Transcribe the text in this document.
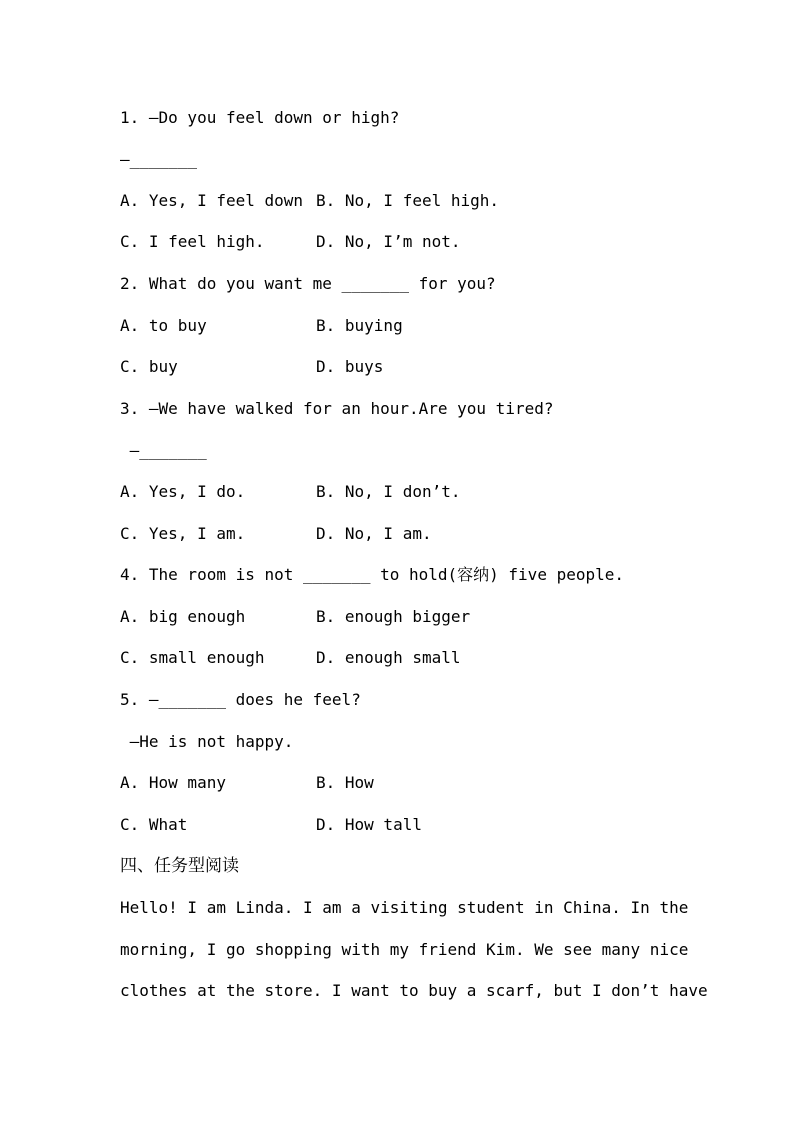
1. —Do you feel down or high?
—_______
A. Yes, I feel down B. No, I feel high.
C. I feel high.	D. No, I’m not.
2. What do you want me _______ for you?
A. to buy	B. buying
C. buy	D. buys
3. —We have walked for an hour.Are you tired?
—_______
A. Yes, I do.	B. No, I don’t.
C. Yes, I am.	D. No, I am.
4. The room is not _______ to hold(容纳) five people.
A. big enough	B. enough bigger
C. small enough	D. enough small
5. —_______ does he feel?
—He is not happy.
A. How many	B. How
C. What	D. How tall
四、任务型阅读
Hello! I am Linda. I am a visiting student in China. In the
morning, I go shopping with my friend Kim. We see many nice
clothes at the store. I want to buy a scarf, but I don’t have
